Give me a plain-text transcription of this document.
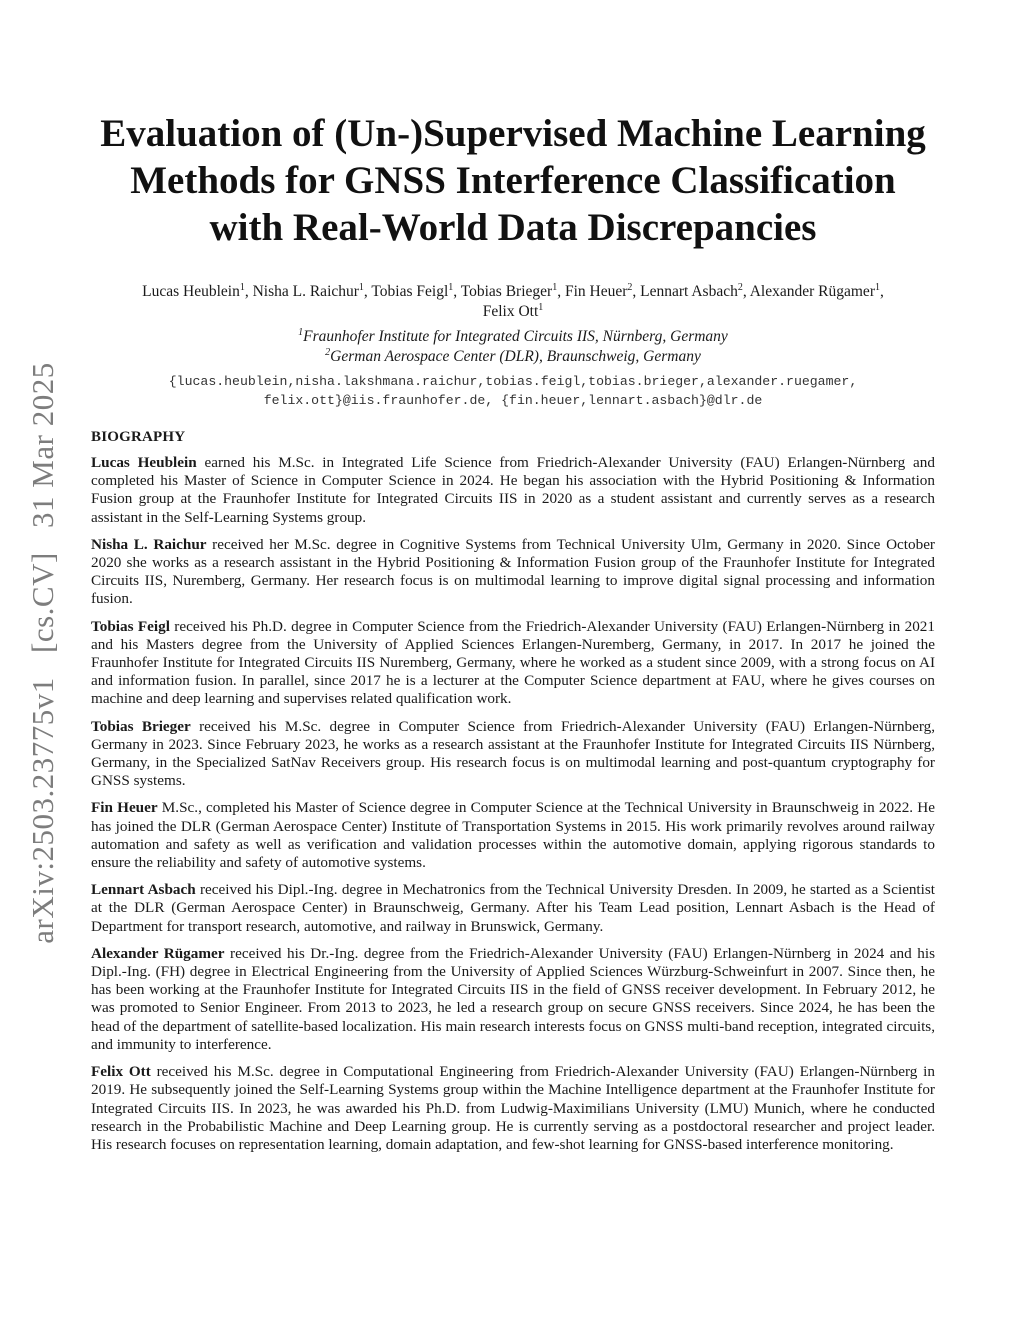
arXiv:2503.23775v1 [cs.CV] 31 Mar 2025
Evaluation of (Un-)Supervised Machine Learning
Methods for GNSS Interference Classification
with Real-World Data Discrepancies
Lucas Heublein$^1$, Nisha L. Raichur$^1$, Tobias Feigl$^1$, Tobias Brieger$^1$, Fin Heuer$^2$, Lennart Asbach$^2$, Alexander Rügamer$^1$,
Felix Ott$^1$
$^1$Fraunhofer Institute for Integrated Circuits IIS, Nürnberg, Germany
$^2$German Aerospace Center (DLR), Braunschweig, Germany
{lucas.heublein,nisha.lakshmana.raichur,tobias.feigl,tobias.brieger,alexander.ruegamer,
felix.ott}@iis.fraunhofer.de, {fin.heuer,lennart.asbach}@dlr.de
BIOGRAPHY

Lucas Heublein earned his M.Sc. in Integrated Life Science from Friedrich-Alexander University (FAU) Erlangen-Nürnberg and completed his Master of Science in Computer Science in 2024. He began his association with the Hybrid Positioning & Information Fusion group at the Fraunhofer Institute for Integrated Circuits IIS in 2020 as a student assistant and currently serves as a research assistant in the Self-Learning Systems group.

Nisha L. Raichur received her M.Sc. degree in Cognitive Systems from Technical University Ulm, Germany in 2020. Since October 2020 she works as a research assistant in the Hybrid Positioning & Information Fusion group of the Fraunhofer Institute for Integrated Circuits IIS, Nuremberg, Germany. Her research focus is on multimodal learning to improve digital signal processing and information fusion.

Tobias Feigl received his Ph.D. degree in Computer Science from the Friedrich-Alexander University (FAU) Erlangen-Nürnberg in 2021 and his Masters degree from the University of Applied Sciences Erlangen-Nuremberg, Germany, in 2017. In 2017 he joined the Fraunhofer Institute for Integrated Circuits IIS Nuremberg, Germany, where he worked as a student since 2009, with a strong focus on AI and information fusion. In parallel, since 2017 he is a lecturer at the Computer Science department at FAU, where he gives courses on machine and deep learning and supervises related qualification work.

Tobias Brieger received his M.Sc. degree in Computer Science from Friedrich-Alexander University (FAU) Erlangen-Nürnberg, Germany in 2023. Since February 2023, he works as a research assistant at the Fraunhofer Institute for Integrated Circuits IIS Nürnberg, Germany, in the Specialized SatNav Receivers group. His research focus is on multimodal learning and post-quantum cryptography for GNSS systems.

Fin Heuer M.Sc., completed his Master of Science degree in Computer Science at the Technical University in Braunschweig in 2022. He has joined the DLR (German Aerospace Center) Institute of Transportation Systems in 2015. His work primarily revolves around railway automation and safety as well as verification and validation processes within the automotive domain, applying rigorous standards to ensure the reliability and safety of automotive systems.

Lennart Asbach received his Dipl.-Ing. degree in Mechatronics from the Technical University Dresden. In 2009, he started as a Scientist at the DLR (German Aerospace Center) in Braunschweig, Germany. After his Team Lead position, Lennart Asbach is the Head of Department for transport research, automotive, and railway in Brunswick, Germany.

Alexander Rügamer received his Dr.-Ing. degree from the Friedrich-Alexander University (FAU) Erlangen-Nürnberg in 2024 and his Dipl.-Ing. (FH) degree in Electrical Engineering from the University of Applied Sciences Würzburg-Schweinfurt in 2007. Since then, he has been working at the Fraunhofer Institute for Integrated Circuits IIS in the field of GNSS receiver development. In February 2012, he was promoted to Senior Engineer. From 2013 to 2023, he led a research group on secure GNSS receivers. Since 2024, he has been the head of the department of satellite-based localization. His main research interests focus on GNSS multi-band reception, integrated circuits, and immunity to interference.

Felix Ott received his M.Sc. degree in Computational Engineering from Friedrich-Alexander University (FAU) Erlangen-Nürnberg in 2019. He subsequently joined the Self-Learning Systems group within the Machine Intelligence department at the Fraunhofer Institute for Integrated Circuits IIS. In 2023, he was awarded his Ph.D. from Ludwig-Maximilians University (LMU) Munich, where he conducted research in the Probabilistic Machine and Deep Learning group. He is currently serving as a postdoctoral researcher and project leader. His research focuses on representation learning, domain adaptation, and few-shot learning for GNSS-based interference monitoring.
